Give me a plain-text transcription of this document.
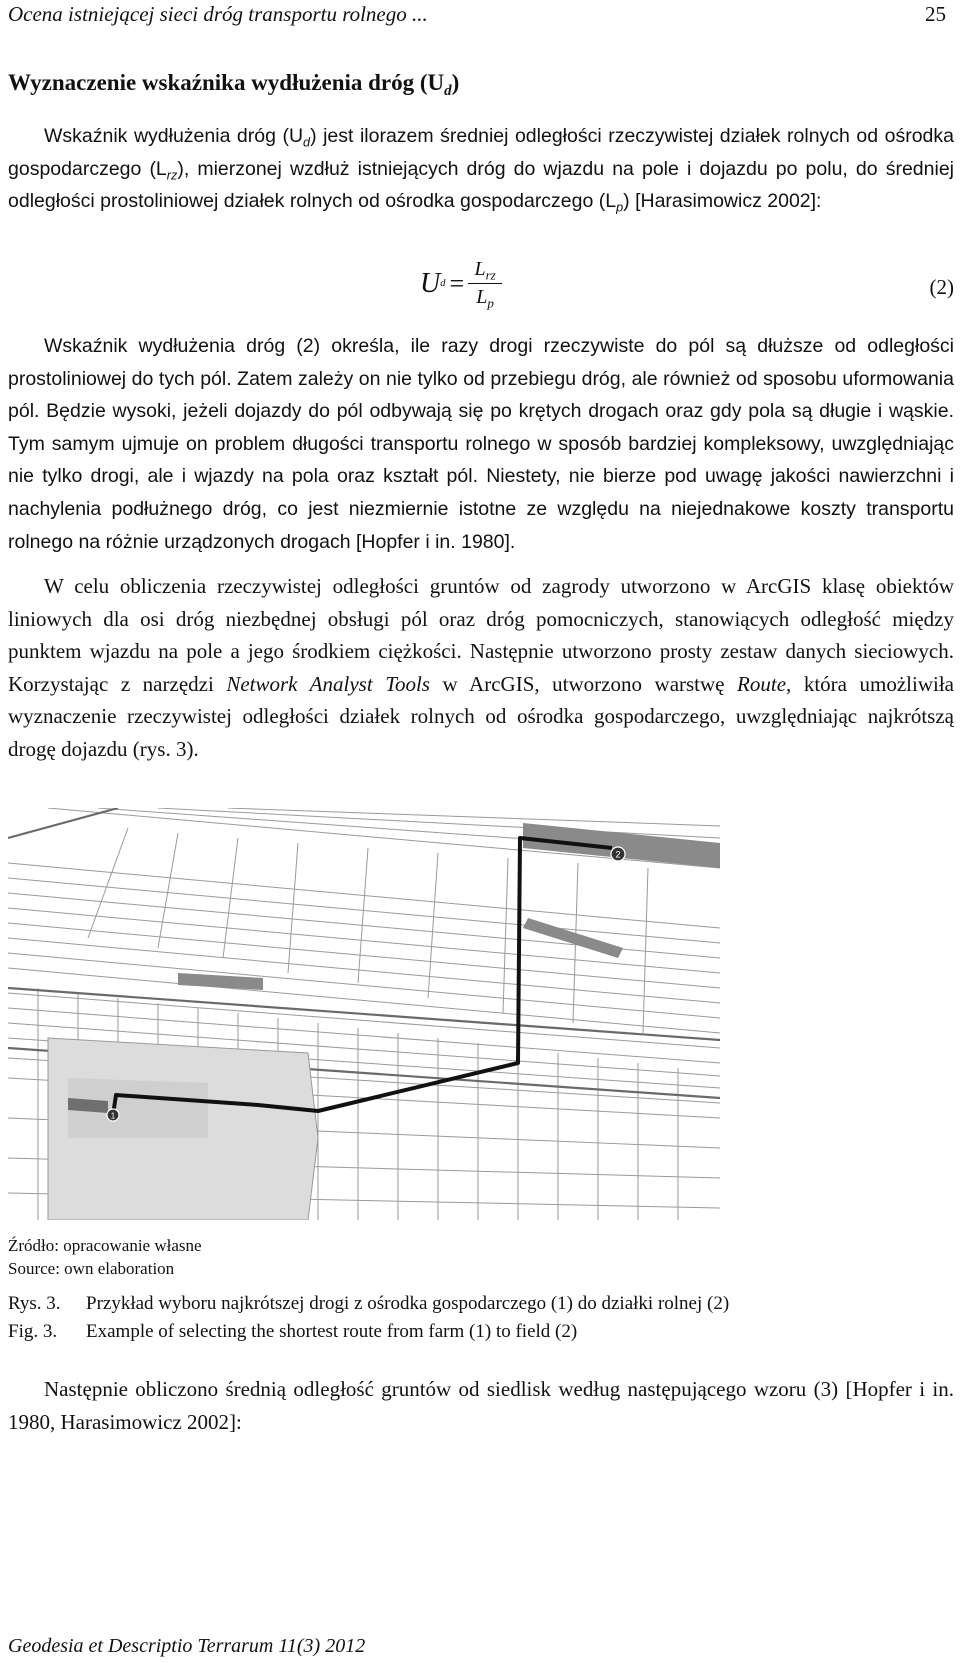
Ocena istniejącej sieci dróg transportu rolnego ...	25
Wyznaczenie wskaźnika wydłużenia dróg $(U_d)$

Wskaźnik wydłużenia dróg $(U_d)$ jest ilorazem średniej odległości rzeczywistej działek rolnych od ośrodka gospodarczego $(L_{rz})$, mierzonej wzdłuż istniejących dróg do wjazdu na pole i dojazdu po polu, do średniej odległości prostoliniowej działek rolnych od ośrodka gospodarczego $(L_p)$ [Harasimowicz 2002]:

U $d = \frac{L_{rz}}{L_p}$	(2)

Wskaźnik wydłużenia dróg (2) określa, ile razy drogi rzeczywiste do pól są dłuższe od odległości prostoliniowej do tych pól. Zatem zależy on nie tylko od przebiegu dróg, ale również od sposobu uformowania pól. Będzie wysoki, jeżeli dojazdy do pól odbywają się po krętych drogach oraz gdy pola są długie i wąskie. Tym samym ujmuje on problem długości transportu rolnego w sposób bardziej kompleksowy, uwzględniając nie tylko drogi, ale i wjazdy na pola oraz kształt pól. Niestety, nie bierze pod uwagę jakości nawierzchni i nachylenia podłużnego dróg, co jest niezmiernie istotne ze względu na niejednakowe koszty transportu rolnego na różnie urządzonych drogach [Hopfer i in. 1980].

W celu obliczenia rzeczywistej odległości gruntów od zagrody utworzono w ArcGIS klasę obiektów liniowych dla osi dróg niezbędnej obsługi pól oraz dróg pomocniczych, stanowiących odległość między punktem wjazdu na pole a jego środkiem ciężkości. Następnie utworzono prosty zestaw danych sieciowych. Korzystając z narzędzi Network Analyst Tools w ArcGIS, utworzono warstwę Route, która umożliwiła wyznaczenie rzeczywistej odległości działek rolnych od ośrodka gospodarczego, uwzględniając najkrótszą drogę dojazdu (rys. 3).

1
2
Źródło: opracowanie własne
Source: own elaboration
Rys. 3.	Przykład wyboru najkrótszej drogi z ośrodka gospodarczego (1) do działki rolnej (2)
Fig. 3.	Example of selecting the shortest route from farm (1) to field (2)

Następnie obliczono średnią odległość gruntów od siedlisk według następującego wzoru (3) [Hopfer i in. 1980, Harasimowicz 2002]:

Geodesia et Descriptio Terrarum 11(3) 2012
